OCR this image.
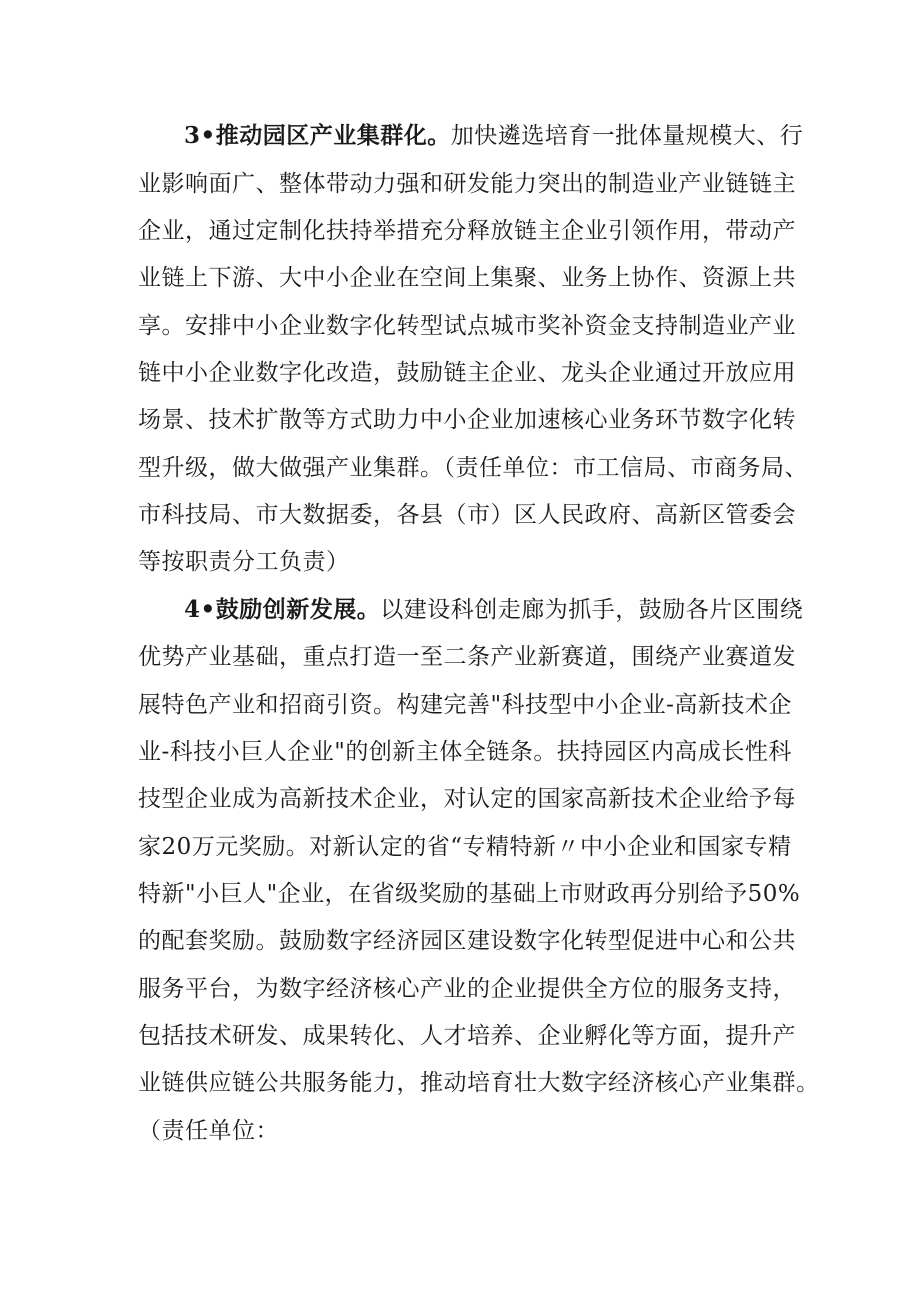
3•推动园区产业集群化。加快遴选培育一批体量规模大、行
业影响面广、整体带动力强和研发能力突出的制造业产业链链主
企业，通过定制化扶持举措充分释放链主企业引领作用，带动产
业链上下游、大中小企业在空间上集聚、业务上协作、资源上共
享。安排中小企业数字化转型试点城市奖补资金支持制造业产业
链中小企业数字化改造，鼓励链主企业、龙头企业通过开放应用
场景、技术扩散等方式助力中小企业加速核心业务环节数字化转
型升级，做大做强产业集群。（责任单位：市工信局、市商务局、
市科技局、市大数据委，各县（市）区人民政府、高新区管委会
等按职责分工负责）
4•鼓励创新发展。以建设科创走廊为抓手，鼓励各片区围绕
优势产业基础，重点打造一至二条产业新赛道，围绕产业赛道发
展特色产业和招商引资。构建完善"科技型中小企业-高新技术企
业-科技小巨人企业"的创新主体全链条。扶持园区内高成长性科
技型企业成为高新技术企业，对认定的国家高新技术企业给予每
家20万元奖励。对新认定的省“专精特新〃中小企业和国家专精
特新"小巨人"企业，在省级奖励的基础上市财政再分别给予50%
的配套奖励。鼓励数字经济园区建设数字化转型促进中心和公共
服务平台，为数字经济核心产业的企业提供全方位的服务支持，
包括技术研发、成果转化、人才培养、企业孵化等方面，提升产
业链供应链公共服务能力，推动培育壮大数字经济核心产业集群。
（责任单位：
